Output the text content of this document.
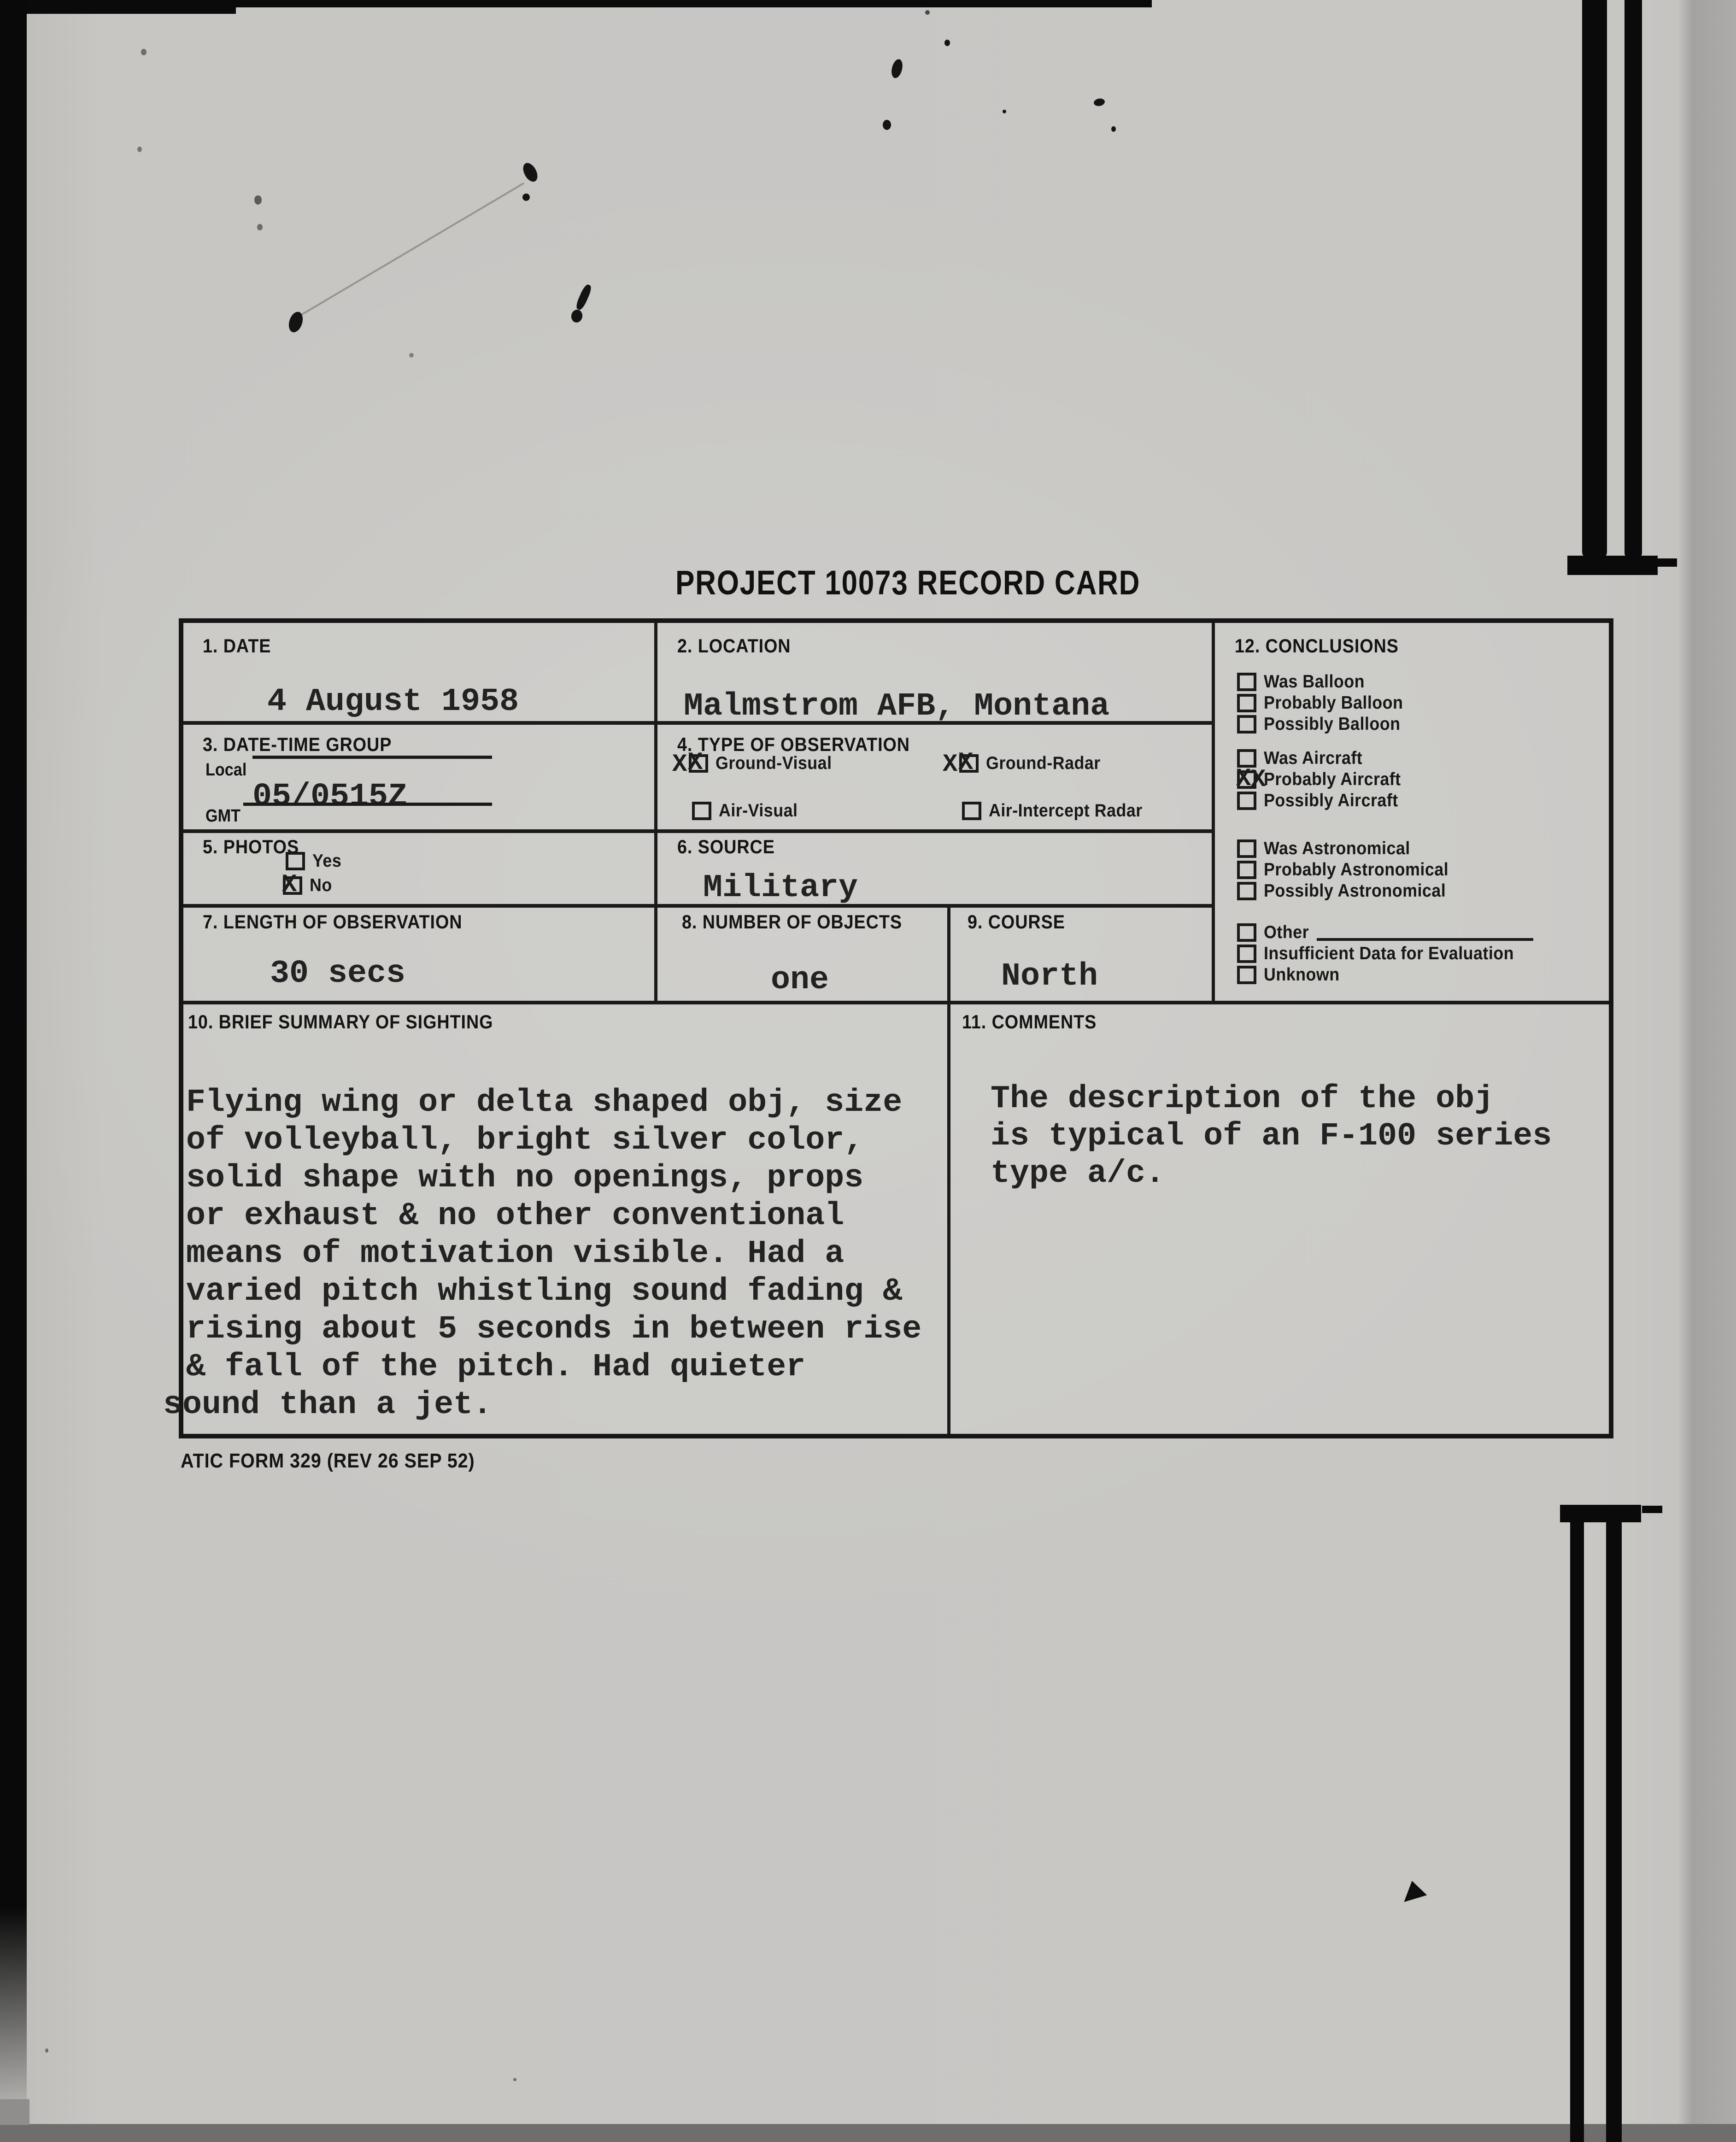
PROJECT 10073 RECORD CARD
1. DATE
4 August 1958
2. LOCATION
Malmstrom AFB, Montana
3. DATE-TIME GROUP
Local
GMT
05/0515Z
4. TYPE OF OBSERVATION
X
X Ground-Visual	X
X Ground-Radar
Air-Visual	Air-Intercept Radar
5. PHOTOS
Yes
X No
6. SOURCE
Military
7. LENGTH OF OBSERVATION
30 secs
8. NUMBER OF OBJECTS
one
9. COURSE
North
10. BRIEF SUMMARY OF SIGHTING

Flying wing or delta shaped obj, size

of volleyball, bright silver color,

solid shape with no openings, props

or exhaust & no other conventional

means of motivation visible. Had a

varied pitch whistling sound fading &

rising about 5 seconds in between rise

& fall of the pitch. Had quieter

sound than a jet.

11. COMMENTS

The description of the obj

is typical of an F-100 series

type a/c.

12. CONCLUSIONS
Was Balloon
Probably Balloon
Possibly Balloon
Was Aircraft
X X
Probably Aircraft
Possibly Aircraft
Was Astronomical
Probably Astronomical
Possibly Astronomical
Other
Insufficient Data for Evaluation
Unknown
ATIC FORM 329 (REV 26 SEP 52)
